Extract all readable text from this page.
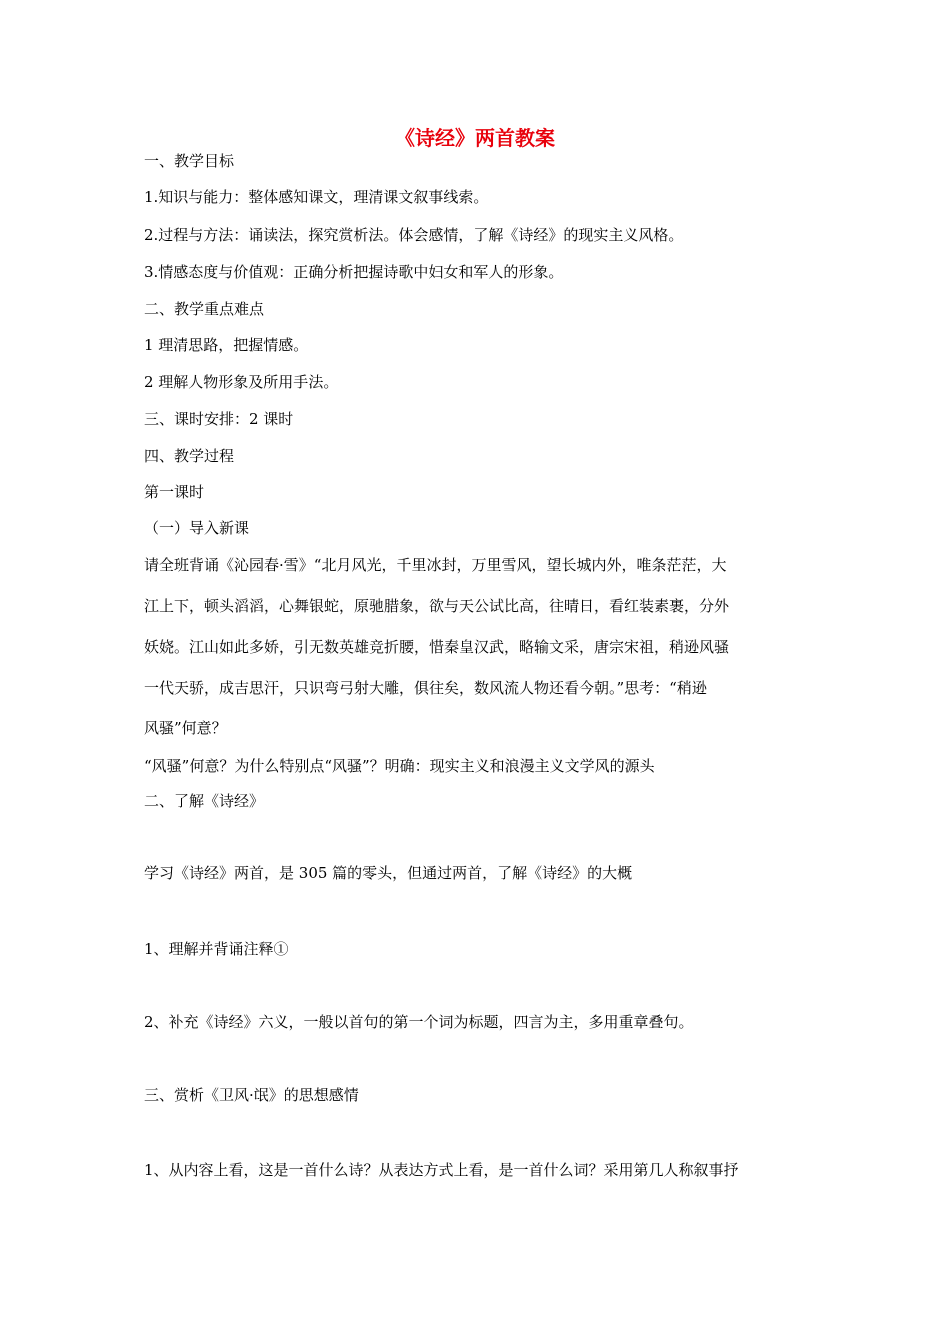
《诗经》两首教案
一、教学目标
1.知识与能力：整体感知课文，理清课文叙事线索。
2.过程与方法：诵读法，探究赏析法。体会感情，了解《诗经》的现实主义风格。
3.情感态度与价值观：正确分析把握诗歌中妇女和军人的形象。
二、教学重点难点
1 理清思路，把握情感。
2 理解人物形象及所用手法。
三、课时安排：2 课时
四、教学过程
第一课时
（一）导入新课
请全班背诵《沁园春·雪》“北月风光，千里冰封，万里雪风，望长城内外，唯条茫茫，大
江上下，顿头滔滔，心舞银蛇，原驰腊象，欲与天公试比高，往晴日，看红装素裹，分外
妖娆。江山如此多娇，引无数英雄竞折腰，惜秦皇汉武，略输文采，唐宗宋祖，稍逊风骚
一代天骄，成吉思汗，只识弯弓射大雕，俱往矣，数风流人物还看今朝。”思考：“稍逊
风骚”何意？
“风骚”何意？为什么特别点“风骚”？明确：现实主义和浪漫主义文学风的源头
二、了解《诗经》
学习《诗经》两首，是 305 篇的零头，但通过两首，了解《诗经》的大概
1、理解并背诵注释①
2、补充《诗经》六义，一般以首句的第一个词为标题，四言为主，多用重章叠句。
三、赏析《卫风·氓》的思想感情
1、从内容上看，这是一首什么诗？从表达方式上看，是一首什么词？采用第几人称叙事抒
